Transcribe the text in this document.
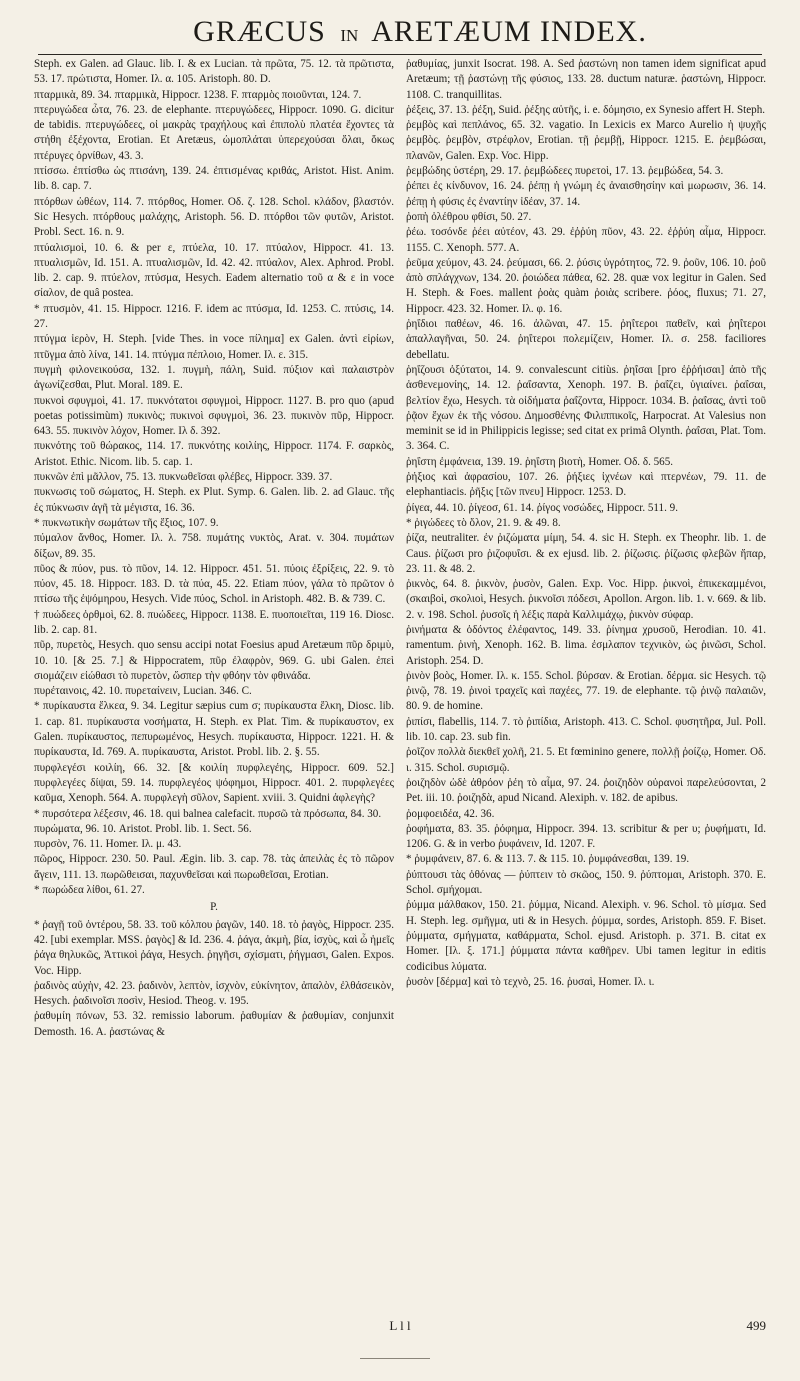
GRÆCUS IN ARETÆUM INDEX.

Steph. ex Galen. ad Glauc. lib. I. & ex Lucian. τὰ πρῶτα, 75. 12. τὰ πρῶτιστα, 53. 17. πρώτιστα, Homer. Ιλ. α. 105. Aristoph. 80. D.

πταρμικὰ, 89. 34. πταρμικὰ, Hippocr. 1238. F. πταρμὸς ποιοῦνται, 124. 7.

πτερυγώδεα ὦτα, 76. 23. de elephante. πτερυγώδεες, Hippocr. 1090. G. dicitur de tabidis. πτερυγώδεες, οἱ μακρὰς τραχήλους καὶ ἐπιπολὺ πλατέα ἔχοντες τὰ στήθη ἐξέχοντα, Erotian. Et Aretæus, ὠμοπλάται ὑπερεχούσαι ὅλαι, ὅκως πτέρυγες ὀρνίθων, 43. 3.

πτίσσω. ἐπτίσθω ὡς πτισάνη, 139. 24. ἐπτισμένας κριθάς, Aristot. Hist. Anim. lib. 8. cap. 7.

πτόρθων ὠθέων, 114. 7. πτόρθος, Homer. Οδ. ζ. 128. Schol. κλάδον, βλαστόν. Sic Hesych. πτόρθους μαλάχης, Aristoph. 56. D. πτόρθοι τῶν φυτῶν, Aristot. Probl. Sect. 16. n. 9.

πτύαλισμοὶ, 10. 6. & per ε, πτύελα, 10. 17. πτύαλον, Hippocr. 41. 13. πτυαλισμῶν, Id. 151. A. πτυαλισμῶν, Id. 42. 42. πτύαλον, Alex. Aphrod. Probl. lib. 2. cap. 9. πτύελον, πτύσμα, Hesych. Eadem alternatio τοῦ α & ε in voce σίαλον, de quâ postea.

* πτυσμὸν, 41. 15. Hippocr. 1216. F. idem ac πτύσμα, Id. 1253. C. πτύσις, 14. 27.

πτύγμα ἱερὸν, H. Steph. [vide Thes. in voce πίλημα] ex Galen. ἀντὶ εἰρίων, πτῦγμα ἀπὸ λίνα, 141. 14. πτύγμα πέπλοιο, Homer. Ιλ. ε. 315.

πυγμὴ φιλονεικούσα, 132. 1. πυγμὴ, πάλη, Suid. πύξιον καὶ παλαιστρὸν ἀγωνίζεσθαι, Plut. Moral. 189. E.

πυκνοὶ σφυγμοὶ, 41. 17. πυκνότατοι σφυγμοὶ, Hippocr. 1127. B. pro quo (apud poetas potissimùm) πυκινὸς; πυκινοὶ σφυγμοὶ, 36. 23. πυκινὸν πῦρ, Hippocr. 643. 55. πυκινὸν λόχον, Homer. Ιλ δ. 392.

πυκνότης τοῦ θώρακος, 114. 17. πυκνότης κοιλίης, Hippocr. 1174. F. σαρκὸς, Aristot. Ethic. Nicom. lib. 5. cap. 1.

πυκνῶν ἐπὶ μᾶλλον, 75. 13. πυκνωθεῖσαι φλέβες, Hippocr. 339. 37.

πυκνωσις τοῦ σώματος, H. Steph. ex Plut. Symp. 6. Galen. lib. 2. ad Glauc. τῆς ἐς πύκνωσιν ἀγῆ τὰ μέγιστα, 16. 36.

* πυκνωτικὴν σωμάτων τῆς ἕξιος, 107. 9.

πύμαλον ἄνθος, Homer. Ιλ. λ. 758. πυμάτης νυκτὸς, Arat. v. 304. πυμάτων δίξων, 89. 35.

πῦος & πύον, pus. τὸ πῦον, 14. 12. Hippocr. 451. 51. πύοις ἐξρίξεις, 22. 9. τὸ πύον, 45. 18. Hippocr. 183. D. τὰ πύα, 45. 22. Etiam πύον, γάλα τὸ πρῶτον ὁ πτίσω τῆς ἐψόμηρου, Hesych. Vide πύος, Schol. in Aristoph. 482. B. & 739. C.

† πυώδεες ὀρθμοὶ, 62. 8. πυώδεες, Hippocr. 1138. E. πυοποιεῖται, 119 16. Diosc. lib. 2. cap. 81.

πῦρ, πυρετὸς, Hesych. quo sensu accipi notat Foesius apud Aretæum πῦρ δριμὺ, 10. 10. [& 25. 7.] & Hippocratem, πῦρ ἐλαφρὸν, 969. G. ubi Galen. ἐπεὶ σιομάζειν εἰώθασι τὸ πυρετὸν, ὥσπερ τὴν φθόην τὸν φθινάδα.

πυρέταινοις, 42. 10. πυρεταίνειν, Lucian. 346. C.

* πυρίκαυστα ἕλκεα, 9. 34. Legitur sæpius cum σ; πυρίκαυστα ἕλκη, Diosc. lib. 1. cap. 81. πυρίκαυστα νοσήματα, H. Steph. ex Plat. Tim. & πυρίκαυστον, ex Galen. πυρίκαυστος, πεπυρωμένος, Hesych. πυρίκαυστα, Hippocr. 1221. H. & πυρίκαυστα, Id. 769. A. πυρίκαυστα, Aristot. Probl. lib. 2. §. 55.

πυρφλεγέσι κοιλίη, 66. 32. [& κοιλίη πυρφλεγέης, Hippocr. 609. 52.] πυρφλεγέες δίψαι, 59. 14. πυρφλεγέος ψόφημοι, Hippocr. 401. 2. πυρφλεγέες καῦμα, Xenoph. 564. A. πυρφλεγὴ σῦλον, Sapient. xviii. 3. Quidni ἀφλεγὴς?

* πυρσότερα λέξεσιν, 46. 18. qui balnea calefacit. πυρσῶ τὰ πρόσωπα, 84. 30.

πυρώματα, 96. 10. Aristot. Probl. lib. 1. Sect. 56.

πυρσὸν, 76. 11. Homer. Ιλ. μ. 43.

πῶρος, Hippocr. 230. 50. Paul. Ægin. lib. 3. cap. 78. τὰς ἀπειλὰς ἐς τὸ πῶρον ἄγειν, 111. 13. πωρῶθεισαι, παχυνθεῖσαι καὶ πωρωθεῖσαι, Erotian.

* πωρώδεα λίθοι, 61. 27.

P.

* ῥαγῇ τοῦ ὀντέρου, 58. 33. τοῦ κόλπου ῥαγῶν, 140. 18. τὸ ῥαγὸς, Hippocr. 235. 42. [ubi exemplar. MSS. ῥαγὸς] & Id. 236. 4. ῥάγα, ἀκμὴ, βία, ἰσχὺς, καὶ ὦ ἡμεῖς ῥάγα θηλυκῶς, Ἀττικοὶ ῥάγα, Hesych. ῥηγῆσι, σχίσματι, ῥήγμασι, Galen. Expos. Voc. Hipp.

ῥαδινὸς αὐχὴν, 42. 23. ῥαδινὸν, λεπτὸν, ἰσχνὸν, εὐκίνητον, ἁπαλὸν, ἐλθάσεικὸν, Hesych. ῥαδινοῖσι ποσὶν, Hesiod. Theog. v. 195.

ῥαθυμίη πόνων, 53. 32. remissio laborum. ῥαθυμίαν & ῥαθυμίαν, conjunxit Demosth. 16. A. ῥαστώνας &

ῥαθυμίας, junxit Isocrat. 198. A. Sed ῥαστώνη non tamen idem significat apud Aretæum; τῇ ῥαστώνῃ τῆς φύσιος, 133. 28. ductum naturæ. ῥαστώνη, Hippocr. 1108. C. tranquillitas.

ῥέξεις, 37. 13. ῥέξη, Suid. ῥέξης αὐτῆς, i. e. δόμησιο, ex Synesio affert H. Steph.

ῥεμβὸς καὶ πεπλάνος, 65. 32. vagatio. In Lexicis ex Marco Aurelio ἡ ψυχῆς ῥεμβὸς. ῥεμβὸν, στρέφλον, Erotian. τῇ ῥεμβῇ, Hippocr. 1215. E. ῥεμβώσαι, πλανῶν, Galen. Exp. Voc. Hipp.

ῥεμβώδης ὑστέρη, 29. 17. ῥεμβώδεες πυρετοὶ, 17. 13. ῥεμβώδεα, 54. 3.

ῥέπει ἐς κίνδυνον, 16. 24. ῥέπῃ ἡ γνώμη ἐς ἀναισθησίην καὶ μωρωσιν, 36. 14. ῥέπῃ ἡ φύσις ἐς ἐναντίην ἰδέαν, 37. 14.

ῥοπὴ ὀλέθρου φθίσι, 50. 27.

ῥέω. τοσόνδε ῥέει αὐτέον, 43. 29. ἐῤῥύη πῦον, 43. 22. ἐῤῥύη αἷμα, Hippocr. 1155. C. Xenoph. 577. A.

ῥεῦμα χεύμον, 43. 24. ῥεύμασι, 66. 2. ῥύσις ὑγρότητος, 72. 9. ῥοῦν, 106. 10. ῥοῦ ἀπὸ σπλάγχνων, 134. 20. ῥοιώδεα πάθεα, 62. 28. quæ vox legitur in Galen. Sed H. Steph. & Foes. mallent ῥοὰς quàm ῥοιὰς scribere. ῥόος, fluxus; 71. 27, Hippocr. 423. 32. Homer. Ιλ. φ. 16.

ῥηΐδιοι παθέων, 46. 16. ἀλῶναι, 47. 15. ῥηΐτεροι παθεῖν, καὶ ῥηΐτεροι ἀπαλλαγῆναι, 50. 24. ῥηΐτεροι πολεμίζειν, Homer. Ιλ. σ. 258. faciliores debellatu.

ῥηΐζουσι ὀξύτατοι, 14. 9. convalescunt citiùs. ῥηΐσαι [pro ἐῤῥήισαι] ἀπὸ τῆς ἀσθενεμονίης, 14. 12. ῥαΐσαντα, Xenoph. 197. B. ῥαΐζει, ὑγιαίνει. ῥαΐσαι, βελτίον ἔχω, Hesych. τὰ οἰδήματα ῥαΐζοντα, Hippocr. 1034. B. ῥαΐσας, ἀντὶ τοῦ ῥᾷον ἔχων ἐκ τῆς νόσου. Δημοσθένης Φιλιππικοῖς, Harpocrat. At Valesius non meminit se id in Philippicis legisse; sed citat ex primâ Olynth. ῥαΐσαι, Plat. Tom. 3. 364. C.

ῥηΐστη ἐμφάνεια, 139. 19. ῥηΐστη βιοτὴ, Homer. Οδ. δ. 565.

ῥήξιος καὶ ἀφρασίου, 107. 26. ῥήξιες ἰχνέων καὶ πτερνέων, 79. 11. de elephantiacis. ῥῆξις [τῶν πνευ] Hippocr. 1253. D.

ῥίγεα, 44. 10. ῥίγεοσ, 61. 14. ῥίγος νοσώδες, Hippocr. 511. 9.

* ῥιγώδεες τὸ ὅλον, 21. 9. & 49. 8.

ῥίζα, neutraliter. ἐν ῥιζώματα μίμη, 54. 4. sic H. Steph. ex Theophr. lib. 1. de Caus. ῥίζωσι pro ῥιζοφυΐσι. & ex ejusd. lib. 2. ῥίζωσις. ῥίζωσις φλεβῶν ἥπαρ, 23. 11. & 48. 2.

ῥικνὸς, 64. 8. ῥικνὸν, ῥυσὸν, Galen. Exp. Voc. Hipp. ῥικνοὶ, ἐπικεκαμμένοι, (σκαιβοὶ, σκολιοὶ, Hesych. ῥικνοῖσι πόδεσι, Apollon. Argon. lib. 1. v. 669. & lib. 2. v. 198. Schol. ῥυσοῖς ἡ λέξις παρὰ Καλλιμάχῳ, ῥικνὸν σύφαρ.

ῥινήματα & ὀδόντος ἐλέφαντος, 149. 33. ῥίνημα χρυσοῦ, Herodian. 10. 41. ramentum. ῥινὴ, Xenoph. 162. B. lima. ἐσμλαπον τεχνικὸν, ὡς ῥινῶσι, Schol. Aristoph. 254. D.

ῥινὸν βοὸς, Homer. Ιλ. κ. 155. Schol. βύρσαν. & Erotian. δέρμα. sic Hesych. τῷ ῥινῷ, 78. 19. ῥινοὶ τραχεῖς καὶ παχέες, 77. 19. de elephante. τῷ ῥινῷ παλαιῶν, 80. 9. de homine.

ῥιπίσι, flabellis, 114. 7. τὸ ῥιπίδια, Aristoph. 413. C. Schol. φυσητῆρα, Jul. Poll. lib. 10. cap. 23. sub fin.

ῥοῖζον πολλὰ διεκθεῖ χολῆ, 21. 5. Et fœminino genere, πολλῇ ῥοίζῳ, Homer. Οδ. ι. 315. Schol. συρισμῷ.

ῥοιζηδὸν ὠδὲ ἀθρόον ῥέη τὸ αἷμα, 97. 24. ῥοιζηδὸν οὐρανοὶ παρελεύσονται, 2 Pet. iii. 10. ῥοιζηδὰ, apud Nicand. Alexiph. v. 182. de apibus.

ῥομφοειδέα, 42. 36.

ῥοφήματα, 83. 35. ῥόφημα, Hippocr. 394. 13. scribitur & per υ; ῥυφήματι, Id. 1206. G. & in verbo ῥυφάνειν, Id. 1207. F.

* ῥυμφάνειν, 87. 6. & 113. 7. & 115. 10. ῥυμφάνεσθαι, 139. 19.

ῥύπτουσι τὰς ὀθόνας — ῥύπτειν τὸ σκῶος, 150. 9. ῥύπτομαι, Aristoph. 370. E. Schol. σμήχομαι.

ῥύμμα μάλθακον, 150. 21. ῥύμμα, Nicand. Alexiph. v. 96. Schol. τὸ μίσμα. Sed H. Steph. leg. σμῆγμα, uti & in Hesych. ῥύμμα, sordes, Aristoph. 859. F. Biset. ῥύμματα, σμήγματα, καθάρματα, Schol. ejusd. Aristoph. p. 371. B. citat ex Homer. [Ιλ. ξ. 171.] ῥύμματα πάντα καθῆρεν. Ubi tamen legitur in editis codicibus λύματα.

ῥυσὸν [δέρμα] καὶ τὸ τεχνὸ, 25. 16. ῥυσαὶ, Homer. Ιλ. ι.

L l l	499
